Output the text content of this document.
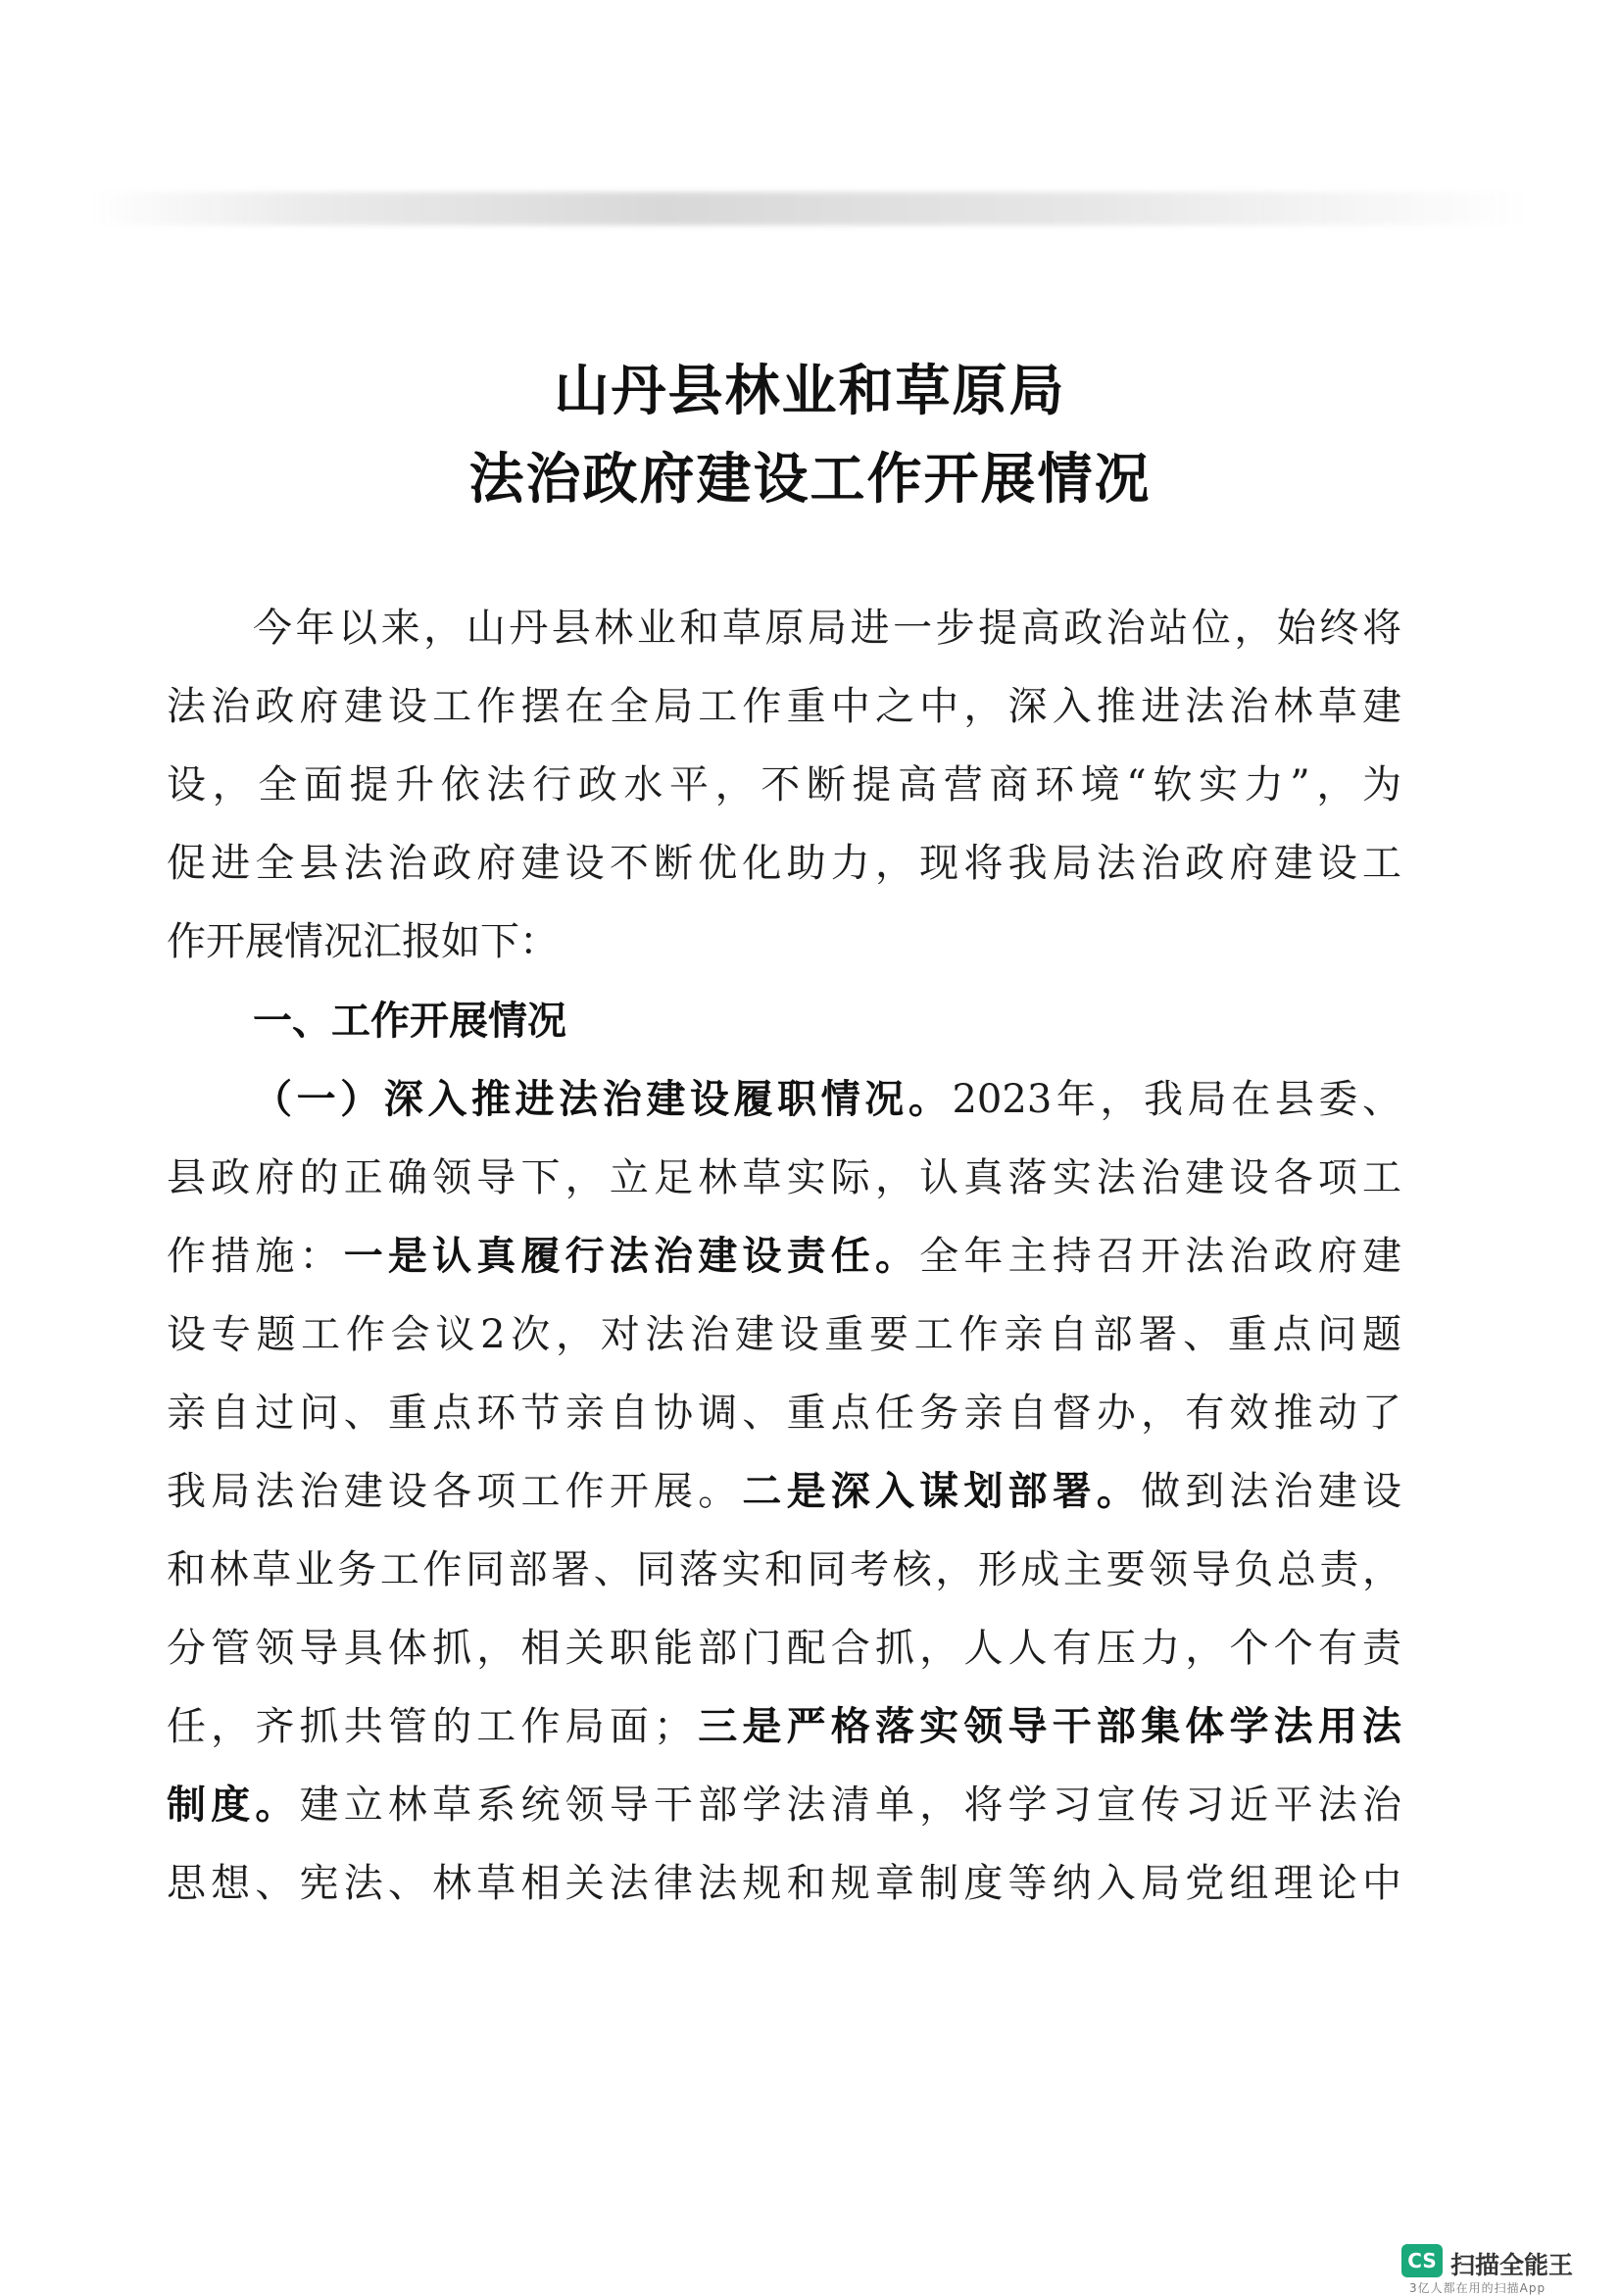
山丹县林业和草原局
法治政府建设工作开展情况
今年以来，山丹县林业和草原局进一步提高政治站位，始终将
法治政府建设工作摆在全局工作重中之中，深入推进法治林草建
设，全面提升依法行政水平，不断提高营商环境“软实力”，为
促进全县法治政府建设不断优化助力，现将我局法治政府建设工
作开展情况汇报如下：
一、工作开展情况
（一）深入推进法治建设履职情况。2023年，我局在县委、
县政府的正确领导下，立足林草实际，认真落实法治建设各项工
作措施：一是认真履行法治建设责任。全年主持召开法治政府建
设专题工作会议2次，对法治建设重要工作亲自部署、重点问题
亲自过问、重点环节亲自协调、重点任务亲自督办，有效推动了
我局法治建设各项工作开展。二是深入谋划部署。做到法治建设
和林草业务工作同部署、同落实和同考核，形成主要领导负总责，
分管领导具体抓，相关职能部门配合抓，人人有压力，个个有责
任，齐抓共管的工作局面；三是严格落实领导干部集体学法用法
制度。建立林草系统领导干部学法清单，将学习宣传习近平法治
思想、宪法、林草相关法律法规和规章制度等纳入局党组理论中
CS 扫描全能王
3亿人都在用的扫描App
